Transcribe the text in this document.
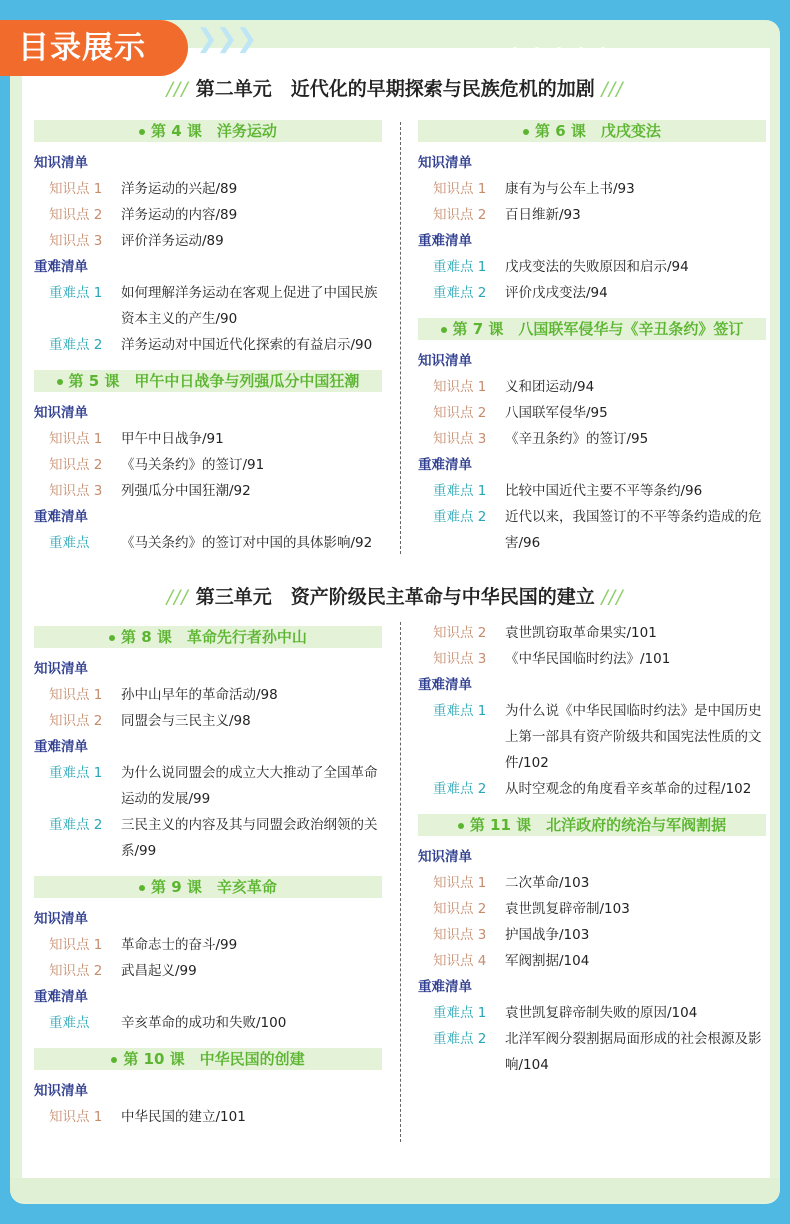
目录展示	❯❯❯
/// 第二单元　近代化的早期探索与民族危机的加剧 ///
第 4 课　洋务运动
知识清单
知识点 1	洋务运动的兴起/89
知识点 2	洋务运动的内容/89
知识点 3	评价洋务运动/89
重难清单
重难点 1	如何理解洋务运动在客观上促进了中国民族资本主义的产生/90
重难点 2	洋务运动对中国近代化探索的有益启示/90
第 5 课　甲午中日战争与列强瓜分中国狂潮
知识清单
知识点 1	甲午中日战争/91
知识点 2	《马关条约》的签订/91
知识点 3	列强瓜分中国狂潮/92
重难清单
重难点	《马关条约》的签订对中国的具体影响/92
第 6 课　戊戌变法
知识清单
知识点 1	康有为与公车上书/93
知识点 2	百日维新/93
重难清单
重难点 1	戊戌变法的失败原因和启示/94
重难点 2	评价戊戌变法/94
第 7 课　八国联军侵华与《辛丑条约》签订
知识清单
知识点 1	义和团运动/94
知识点 2	八国联军侵华/95
知识点 3	《辛丑条约》的签订/95
重难清单
重难点 1	比较中国近代主要不平等条约/96
重难点 2	近代以来，我国签订的不平等条约造成的危害/96
/// 第三单元　资产阶级民主革命与中华民国的建立 ///
第 8 课　革命先行者孙中山
知识清单
知识点 1	孙中山早年的革命活动/98
知识点 2	同盟会与三民主义/98
重难清单
重难点 1	为什么说同盟会的成立大大推动了全国革命运动的发展/99
重难点 2	三民主义的内容及其与同盟会政治纲领的关系/99
第 9 课　辛亥革命
知识清单
知识点 1	革命志士的奋斗/99
知识点 2	武昌起义/99
重难清单
重难点	辛亥革命的成功和失败/100
第 10 课　中华民国的创建
知识清单
知识点 1	中华民国的建立/101
知识点 2	袁世凯窃取革命果实/101
知识点 3	《中华民国临时约法》/101
重难清单
重难点 1	为什么说《中华民国临时约法》是中国历史上第一部具有资产阶级共和国宪法性质的文件/102
重难点 2	从时空观念的角度看辛亥革命的过程/102
第 11 课　北洋政府的统治与军阀割据
知识清单
知识点 1	二次革命/103
知识点 2	袁世凯复辟帝制/103
知识点 3	护国战争/103
知识点 4	军阀割据/104
重难清单
重难点 1	袁世凯复辟帝制失败的原因/104
重难点 2	北洋军阀分裂割据局面形成的社会根源及影响/104
